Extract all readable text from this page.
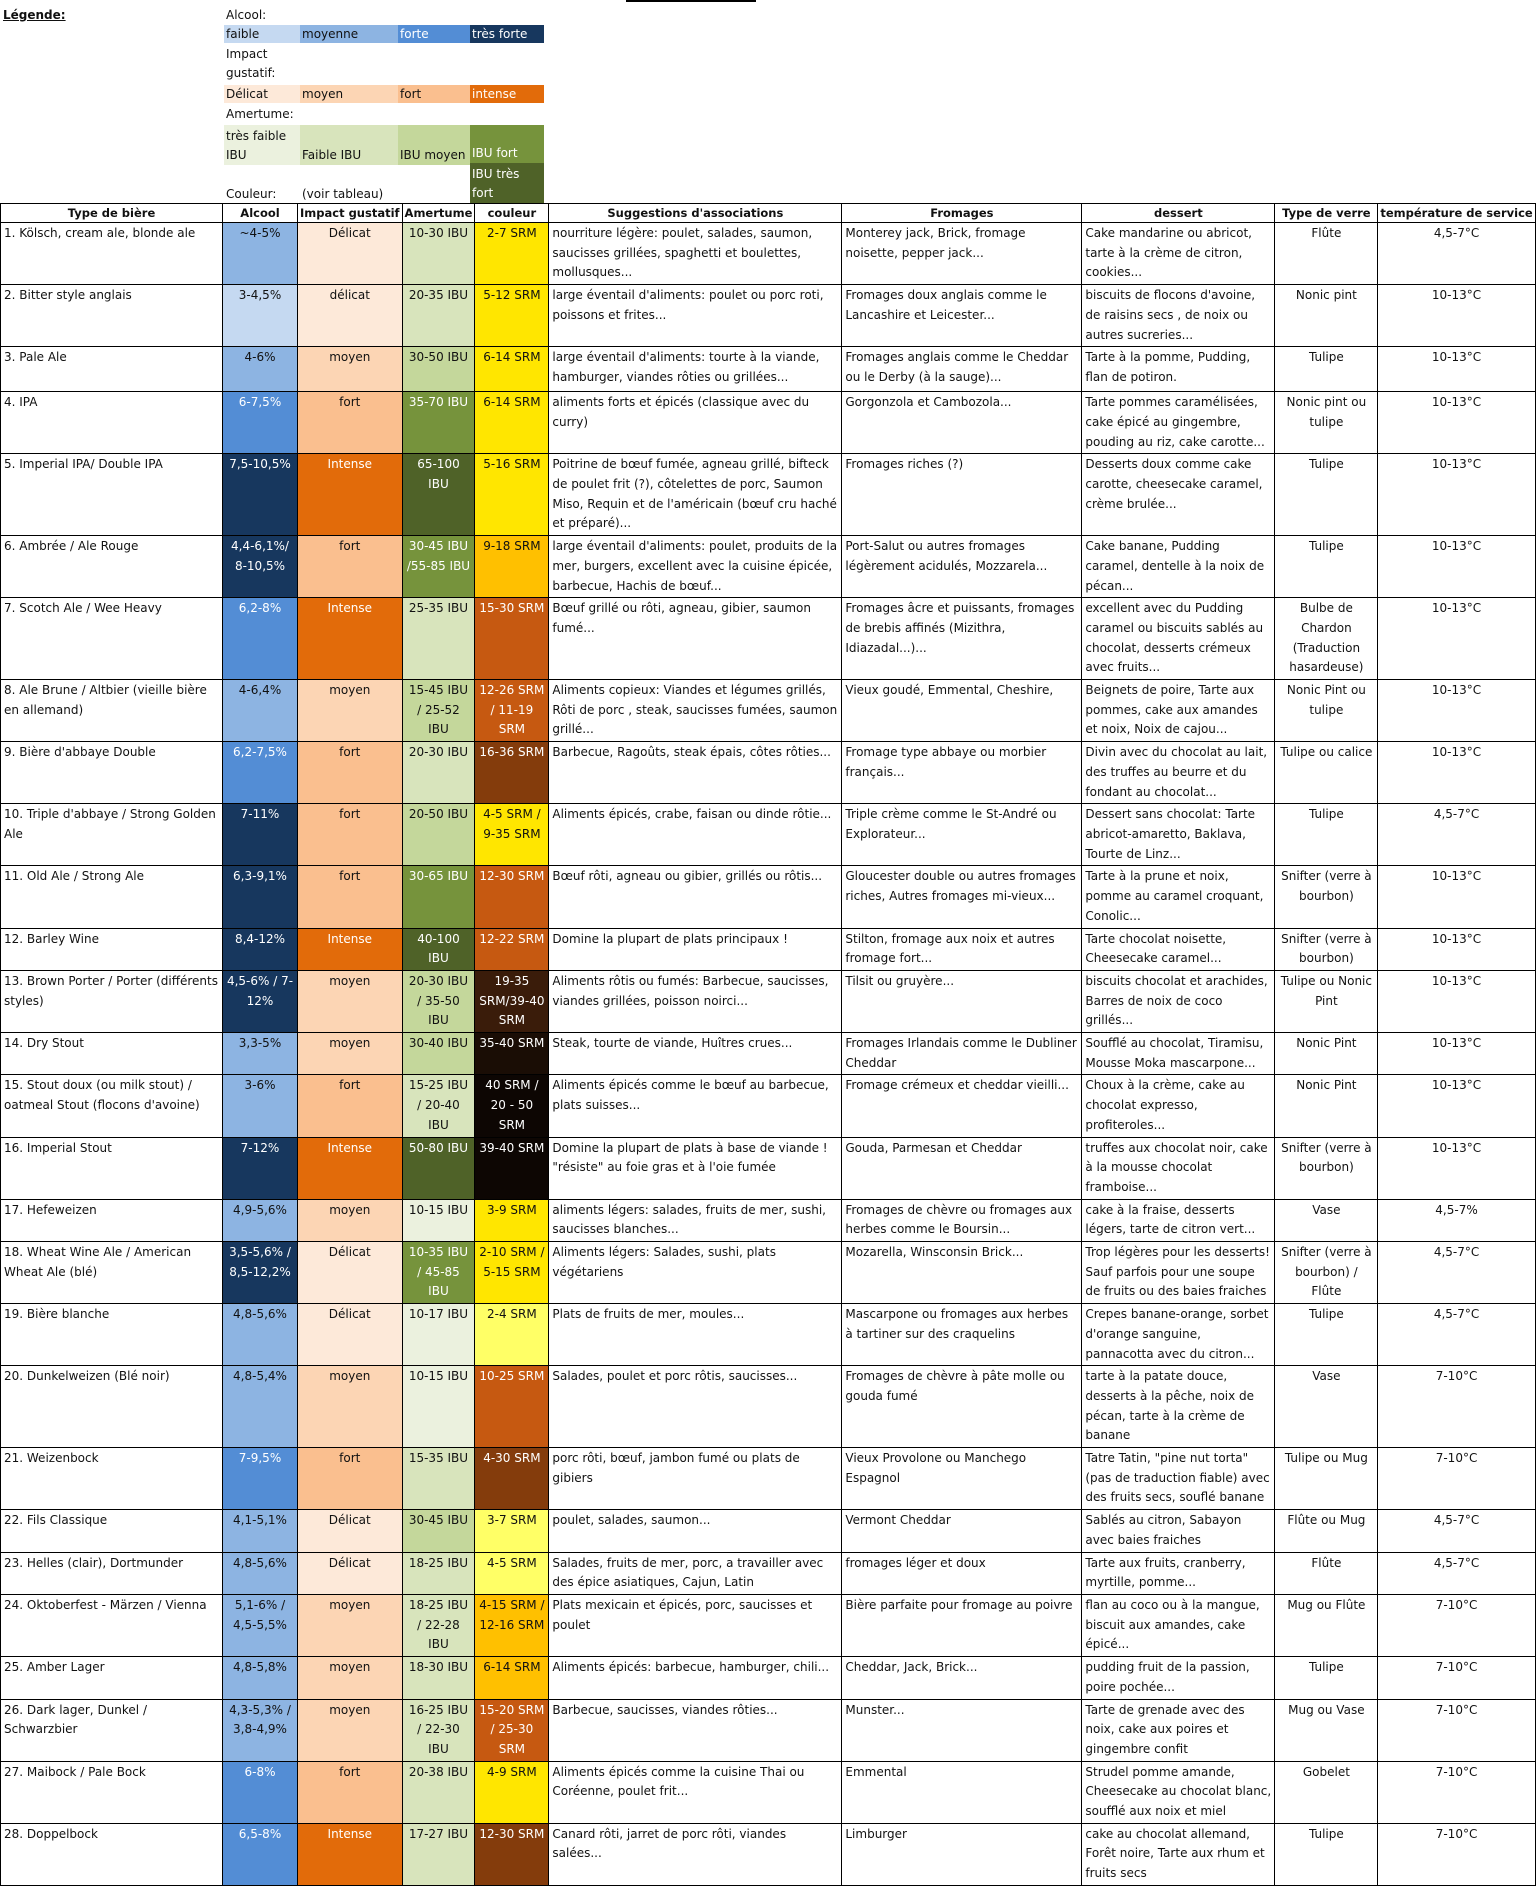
Légende:	Alcool:
faible	moyenne	forte	très forte
Impact gustatif:
Délicat	moyen	fort	intense
Amertume:
très faible IBU	Faible IBU	IBU moyen IBU fort
IBU très fort
Couleur:	(voir tableau)
Type de bière	Alcool	Impact gustatif	Amertume	couleur	Suggestions d'associations	Fromages	dessert	Type de verre	température de service
1. Kölsch, cream ale, blonde ale	~4-5%	Délicat	10-30 IBU	2-7 SRM	nourriture légère: poulet, salades, saumon, saucisses grillées, spaghetti et boulettes, mollusques...	Monterey jack, Brick, fromage noisette, pepper jack...	Cake mandarine ou abricot, tarte à la crème de citron, cookies...	Flûte	4,5-7°C
2. Bitter style anglais	3-4,5%	délicat	20-35 IBU	5-12 SRM	large éventail d'aliments: poulet ou porc roti, poissons et frites...	Fromages doux anglais comme le Lancashire et Leicester...	biscuits de flocons d'avoine, de raisins secs , de noix ou autres sucreries...	Nonic pint	10-13°C
3. Pale Ale	4-6%	moyen	30-50 IBU	6-14 SRM	large éventail d'aliments: tourte à la viande, hamburger, viandes rôties ou grillées...	Fromages anglais comme le Cheddar ou le Derby (à la sauge)...	Tarte à la pomme, Pudding, flan de potiron.	Tulipe	10-13°C
4. IPA	6-7,5%	fort	35-70 IBU	6-14 SRM	aliments forts et épicés (classique avec du curry)	Gorgonzola et Cambozola...	Tarte pommes caramélisées, cake épicé au gingembre, pouding au riz, cake carotte...	Nonic pint ou tulipe	10-13°C
5. Imperial IPA/ Double IPA	7,5-10,5%	Intense	65-100 IBU	5-16 SRM	Poitrine de bœuf fumée, agneau grillé, bifteck de poulet frit (?), côtelettes de porc, Saumon Miso, Requin et de l'américain (bœuf cru haché et préparé)...	Fromages riches (?)	Desserts doux comme cake carotte, cheesecake caramel, crème brulée...	Tulipe	10-13°C
6. Ambrée / Ale Rouge	4,4-6,1%/ 8-10,5%	fort	30-45 IBU /55-85 IBU	9-18 SRM	large éventail d'aliments: poulet, produits de la mer, burgers, excellent avec la cuisine épicée, barbecue, Hachis de bœuf...	Port-Salut ou autres fromages légèrement acidulés, Mozzarela...	Cake banane, Pudding caramel, dentelle à la noix de pécan...	Tulipe	10-13°C
7. Scotch Ale / Wee Heavy	6,2-8%	Intense	25-35 IBU	15-30 SRM	Bœuf grillé ou rôti, agneau, gibier, saumon fumé...	Fromages âcre et puissants, fromages de brebis affinés (Mizithra, Idiazadal...)...	excellent avec du Pudding caramel ou biscuits sablés au chocolat, desserts crémeux avec fruits...	Bulbe de Chardon (Traduction hasardeuse)	10-13°C
8. Ale Brune / Altbier (vieille bière en allemand)	4-6,4%	moyen	15-45 IBU / 25-52 IBU	12-26 SRM / 11-19 SRM	Aliments copieux: Viandes et légumes grillés, Rôti de porc , steak, saucisses fumées, saumon grillé...	Vieux goudé, Emmental, Cheshire,	Beignets de poire, Tarte aux pommes, cake aux amandes et noix, Noix de cajou...	Nonic Pint ou tulipe	10-13°C
9. Bière d'abbaye Double	6,2-7,5%	fort	20-30 IBU	16-36 SRM	Barbecue, Ragoûts, steak épais, côtes rôties...	Fromage type abbaye ou morbier français...	Divin avec du chocolat au lait, des truffes au beurre et du fondant au chocolat...	Tulipe ou calice	10-13°C
10. Triple d'abbaye / Strong Golden Ale	7-11%	fort	20-50 IBU	4-5 SRM / 9-35 SRM	Aliments épicés, crabe, faisan ou dinde rôtie...	Triple crème comme le St-André ou Explorateur...	Dessert sans chocolat: Tarte abricot-amaretto, Baklava, Tourte de Linz...	Tulipe	4,5-7°C
11. Old Ale / Strong Ale	6,3-9,1%	fort	30-65 IBU	12-30 SRM	Bœuf rôti, agneau ou gibier, grillés ou rôtis...	Gloucester double ou autres fromages riches, Autres fromages mi-vieux...	Tarte à la prune et noix, pomme au caramel croquant, Conolic...	Snifter (verre à bourbon)	10-13°C
12. Barley Wine	8,4-12%	Intense	40-100 IBU	12-22 SRM	Domine la plupart de plats principaux !	Stilton, fromage aux noix et autres fromage fort...	Tarte chocolat noisette, Cheesecake caramel...	Snifter (verre à bourbon)	10-13°C
13. Brown Porter / Porter (différents styles)	4,5-6% / 7-12%	moyen	20-30 IBU / 35-50 IBU	19-35 SRM/39-40 SRM	Aliments rôtis ou fumés: Barbecue, saucisses, viandes grillées, poisson noirci...	Tilsit ou gruyère...	biscuits chocolat et arachides, Barres de noix de coco grillés...	Tulipe ou Nonic Pint	10-13°C
14. Dry Stout	3,3-5%	moyen	30-40 IBU	35-40 SRM	Steak, tourte de viande, Huîtres crues...	Fromages Irlandais comme le Dubliner Cheddar	Soufflé au chocolat, Tiramisu, Mousse Moka mascarpone...	Nonic Pint	10-13°C
15. Stout doux (ou milk stout) / oatmeal Stout (flocons d'avoine)	3-6%	fort	15-25 IBU / 20-40 IBU	40 SRM / 20 - 50 SRM	Aliments épicés comme le bœuf au barbecue, plats suisses...	Fromage crémeux et cheddar vieilli...	Choux à la crème, cake au chocolat expresso, profiteroles...	Nonic Pint	10-13°C
16. Imperial Stout	7-12%	Intense	50-80 IBU	39-40 SRM	Domine la plupart de plats à base de viande ! "résiste" au foie gras et à l'oie fumée	Gouda, Parmesan et Cheddar	truffes aux chocolat noir, cake à la mousse chocolat framboise...	Snifter (verre à bourbon)	10-13°C
17. Hefeweizen	4,9-5,6%	moyen	10-15 IBU	3-9 SRM	aliments légers: salades, fruits de mer, sushi, saucisses blanches...	Fromages de chèvre ou fromages aux herbes comme le Boursin...	cake à la fraise, desserts légers, tarte de citron vert...	Vase	4,5-7%
18. Wheat Wine Ale / American Wheat Ale (blé)	3,5-5,6% / 8,5-12,2%	Délicat	10-35 IBU / 45-85 IBU	2-10 SRM / 5-15 SRM	Aliments légers: Salades, sushi, plats végétariens	Mozarella, Winsconsin Brick...	Trop légères pour les desserts! Sauf parfois pour une soupe de fruits ou des baies fraiches	Snifter (verre à bourbon) / Flûte	4,5-7°C
19. Bière blanche	4,8-5,6%	Délicat	10-17 IBU	2-4 SRM	Plats de fruits de mer, moules...	Mascarpone ou fromages aux herbes à tartiner sur des craquelins	Crepes banane-orange, sorbet d'orange sanguine, pannacotta avec du citron...	Tulipe	4,5-7°C
20. Dunkelweizen (Blé noir)	4,8-5,4%	moyen	10-15 IBU	10-25 SRM	Salades, poulet et porc rôtis, saucisses...	Fromages de chèvre à pâte molle ou gouda fumé	tarte à la patate douce, desserts à la pêche, noix de pécan, tarte à la crème de banane	Vase	7-10°C
21. Weizenbock	7-9,5%	fort	15-35 IBU	4-30 SRM	porc rôti, bœuf, jambon fumé ou plats de gibiers	Vieux Provolone ou Manchego Espagnol	Tatre Tatin, "pine nut torta" (pas de traduction fiable) avec des fruits secs, souflé banane	Tulipe ou Mug	7-10°C
22. Fils Classique	4,1-5,1%	Délicat	30-45 IBU	3-7 SRM	poulet, salades, saumon...	Vermont Cheddar	Sablés au citron, Sabayon avec baies fraiches	Flûte ou Mug	4,5-7°C
23. Helles (clair), Dortmunder	4,8-5,6%	Délicat	18-25 IBU	4-5 SRM	Salades, fruits de mer, porc, a travailler avec des épice asiatiques, Cajun, Latin	fromages léger et doux	Tarte aux fruits, cranberry, myrtille, pomme...	Flûte	4,5-7°C
24. Oktoberfest - Märzen / Vienna	5,1-6% / 4,5-5,5%	moyen	18-25 IBU / 22-28 IBU	4-15 SRM / 12-16 SRM	Plats mexicain et épicés, porc, saucisses et poulet	Bière parfaite pour fromage au poivre	flan au coco ou à la mangue, biscuit aux amandes, cake épicé...	Mug ou Flûte	7-10°C
25. Amber Lager	4,8-5,8%	moyen	18-30 IBU	6-14 SRM	Aliments épicés: barbecue, hamburger, chili...	Cheddar, Jack, Brick...	pudding fruit de la passion, poire pochée...	Tulipe	7-10°C
26. Dark lager, Dunkel / Schwarzbier	4,3-5,3% / 3,8-4,9%	moyen	16-25 IBU / 22-30 IBU	15-20 SRM / 25-30 SRM	Barbecue, saucisses, viandes rôties...	Munster...	Tarte de grenade avec des noix, cake aux poires et gingembre confit	Mug ou Vase	7-10°C
27. Maibock / Pale Bock	6-8%	fort	20-38 IBU	4-9 SRM	Aliments épicés comme la cuisine Thai ou Coréenne, poulet frit...	Emmental	Strudel pomme amande, Cheesecake au chocolat blanc, soufflé aux noix et miel	Gobelet	7-10°C
28. Doppelbock	6,5-8%	Intense	17-27 IBU	12-30 SRM	Canard rôti, jarret de porc rôti, viandes salées...	Limburger	cake au chocolat allemand, Forêt noire, Tarte aux rhum et fruits secs	Tulipe	7-10°C
